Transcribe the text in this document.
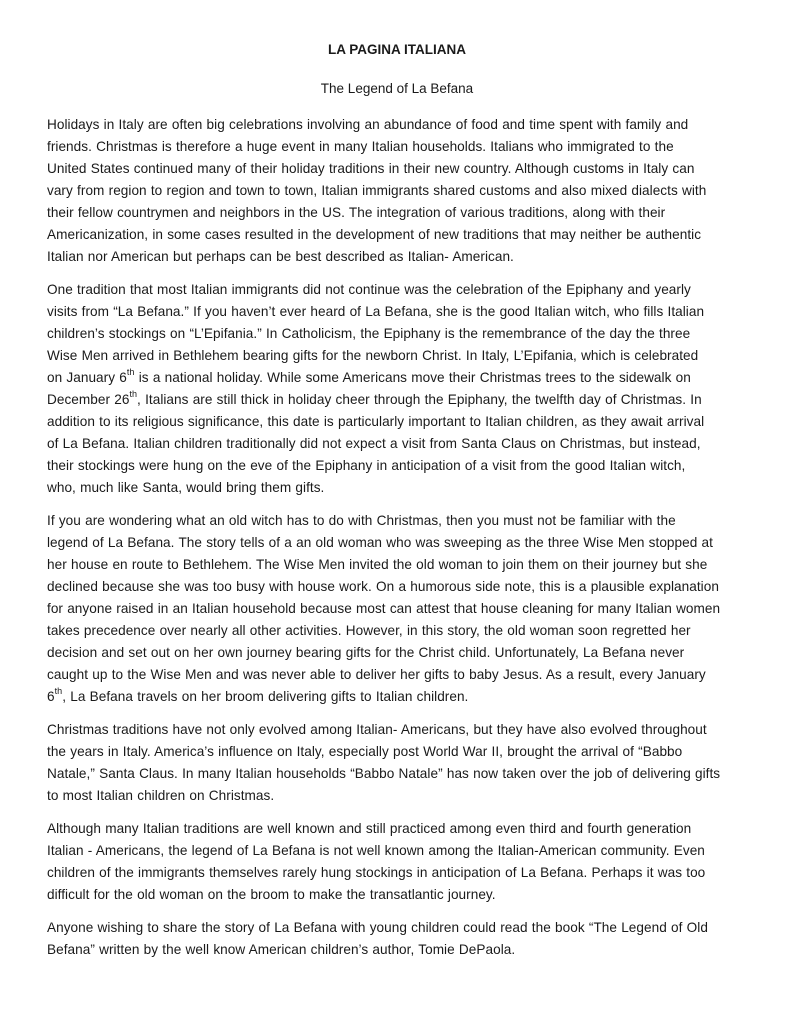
LA PAGINA ITALIANA
The Legend of La Befana
Holidays in Italy are often big celebrations involving an abundance of food and time spent with family and
friends. Christmas is therefore a huge event in many Italian households. Italians who immigrated to the
United States continued many of their holiday traditions in their new country. Although customs in Italy can
vary from region to region and town to town, Italian immigrants shared customs and also mixed dialects with
their fellow countrymen and neighbors in the US. The integration of various traditions, along with their
Americanization, in some cases resulted in the development of new traditions that may neither be authentic
Italian nor American but perhaps can be best described as Italian- American.
One tradition that most Italian immigrants did not continue was the celebration of the Epiphany and yearly
visits from “La Befana.” If you haven’t ever heard of La Befana, she is the good Italian witch, who fills Italian
children’s stockings on “L’Epifania.” In Catholicism, the Epiphany is the remembrance of the day the three
Wise Men arrived in Bethlehem bearing gifts for the newborn Christ. In Italy, L’Epifania, which is celebrated
on January 6th is a national holiday. While some Americans move their Christmas trees to the sidewalk on
December 26th, Italians are still thick in holiday cheer through the Epiphany, the twelfth day of Christmas. In
addition to its religious significance, this date is particularly important to Italian children, as they await arrival
of La Befana. Italian children traditionally did not expect a visit from Santa Claus on Christmas, but instead,
their stockings were hung on the eve of the Epiphany in anticipation of a visit from the good Italian witch,
who, much like Santa, would bring them gifts.
If you are wondering what an old witch has to do with Christmas, then you must not be familiar with the
legend of La Befana. The story tells of a an old woman who was sweeping as the three Wise Men stopped at
her house en route to Bethlehem. The Wise Men invited the old woman to join them on their journey but she
declined because she was too busy with house work. On a humorous side note, this is a plausible explanation
for anyone raised in an Italian household because most can attest that house cleaning for many Italian women
takes precedence over nearly all other activities. However, in this story, the old woman soon regretted her
decision and set out on her own journey bearing gifts for the Christ child. Unfortunately, La Befana never
caught up to the Wise Men and was never able to deliver her gifts to baby Jesus. As a result, every January
6th, La Befana travels on her broom delivering gifts to Italian children.
Christmas traditions have not only evolved among Italian- Americans, but they have also evolved throughout
the years in Italy. America’s influence on Italy, especially post World War II, brought the arrival of “Babbo
Natale,” Santa Claus. In many Italian households “Babbo Natale” has now taken over the job of delivering gifts
to most Italian children on Christmas.
Although many Italian traditions are well known and still practiced among even third and fourth generation
Italian - Americans, the legend of La Befana is not well known among the Italian-American community. Even
children of the immigrants themselves rarely hung stockings in anticipation of La Befana. Perhaps it was too
difficult for the old woman on the broom to make the transatlantic journey.
Anyone wishing to share the story of La Befana with young children could read the book “The Legend of Old
Befana” written by the well know American children’s author, Tomie DePaola.
